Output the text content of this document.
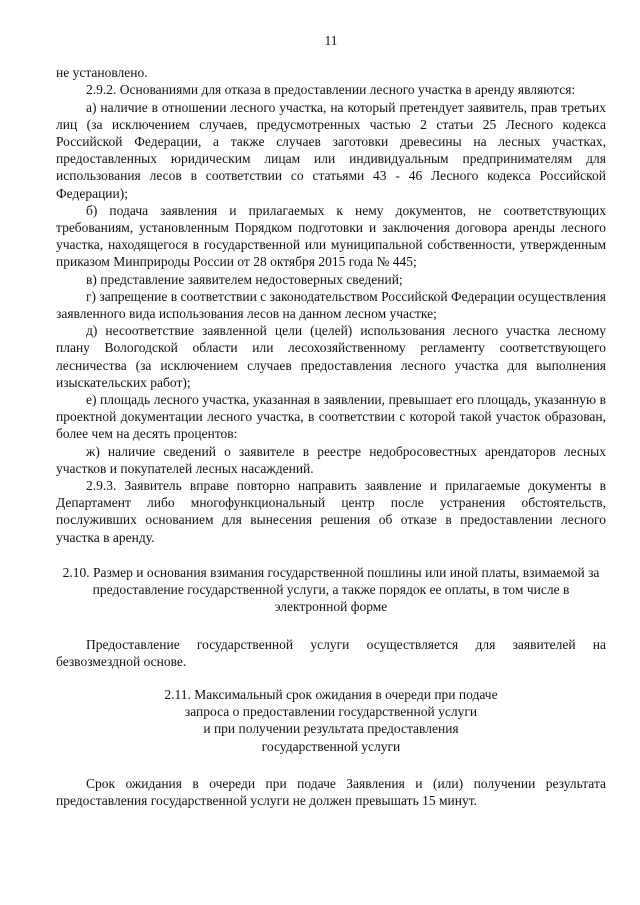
11

не установлено.

2.9.2. Основаниями для отказа в предоставлении лесного участка в аренду являются:

а) наличие в отношении лесного участка, на который претендует заявитель, прав третьих лиц (за исключением случаев, предусмотренных частью 2 статьи 25 Лесного кодекса Российской Федерации, а также случаев заготовки древесины на лесных участках, предоставленных юридическим лицам или индивидуальным предпринимателям для использования лесов в соответствии со статьями 43 - 46 Лесного кодекса Российской Федерации);

б) подача заявления и прилагаемых к нему документов, не соответствующих требованиям, установленным Порядком подготовки и заключения договора аренды лесного участка, находящегося в государственной или муниципальной собственности, утвержденным приказом Минприроды России от 28 октября 2015 года № 445;

в) представление заявителем недостоверных сведений;

г) запрещение в соответствии с законодательством Российской Федерации осуществления заявленного вида использования лесов на данном лесном участке;

д) несоответствие заявленной цели (целей) использования лесного участка лесному плану Вологодской области или лесохозяйственному регламенту соответствующего лесничества (за исключением случаев предоставления лесного участка для выполнения изыскательских работ);

е) площадь лесного участка, указанная в заявлении, превышает его площадь, указанную в проектной документации лесного участка, в соответствии с которой такой участок образован, более чем на десять процентов:

ж) наличие сведений о заявителе в реестре недобросовестных арендаторов лесных участков и покупателей лесных насаждений.

2.9.3. Заявитель вправе повторно направить заявление и прилагаемые документы в Департамент либо многофункциональный центр после устранения обстоятельств, послуживших основанием для вынесения решения об отказе в предоставлении лесного участка в аренду.

2.10. Размер и основания взимания государственной пошлины или иной платы, взимаемой за предоставление государственной услуги, а также порядок ее оплаты, в том числе в электронной форме

Предоставление государственной услуги осуществляется для заявителей на безвозмездной основе.

2.11. Максимальный срок ожидания в очереди при подаче

запроса о предоставлении государственной услуги

и при получении результата предоставления

государственной услуги

Срок ожидания в очереди при подаче Заявления и (или) получении результата предоставления государственной услуги не должен превышать 15 минут.
